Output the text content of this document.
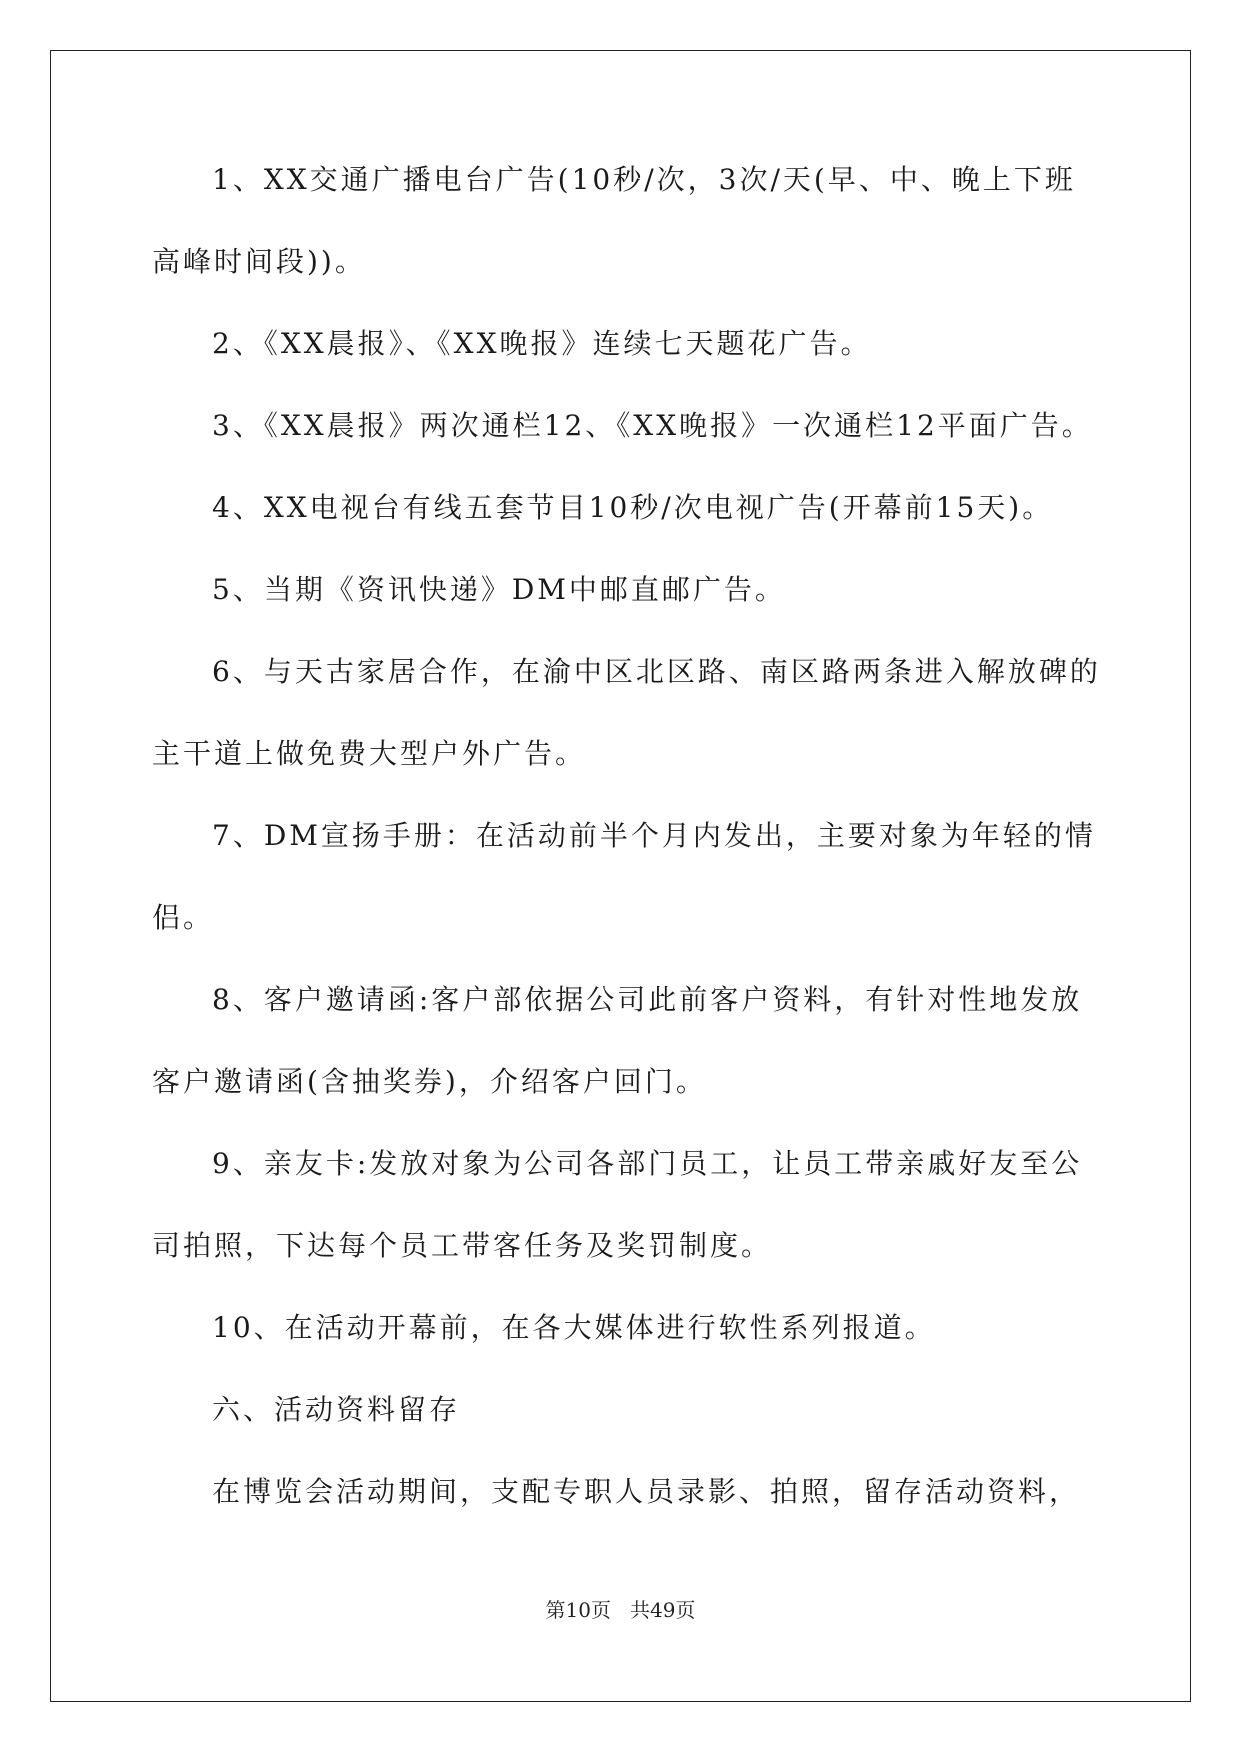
1、XX交通广播电台广告(10秒/次，3次/天(早、中、晚上下班
高峰时间段))。
2、《XX晨报》、《XX晚报》连续七天题花广告。
3、《XX晨报》两次通栏12、《XX晚报》一次通栏12平面广告。
4、XX电视台有线五套节目10秒/次电视广告(开幕前15天)。
5、当期《资讯快递》DM中邮直邮广告。
6、与天古家居合作，在渝中区北区路、南区路两条进入解放碑的
主干道上做免费大型户外广告。
7、DM宣扬手册：在活动前半个月内发出，主要对象为年轻的情
侣。
8、客户邀请函:客户部依据公司此前客户资料，有针对性地发放
客户邀请函(含抽奖券)，介绍客户回门。
9、亲友卡:发放对象为公司各部门员工，让员工带亲戚好友至公
司拍照，下达每个员工带客任务及奖罚制度。
10、在活动开幕前，在各大媒体进行软性系列报道。
六、活动资料留存
在博览会活动期间，支配专职人员录影、拍照，留存活动资料，
第10页   共49页
